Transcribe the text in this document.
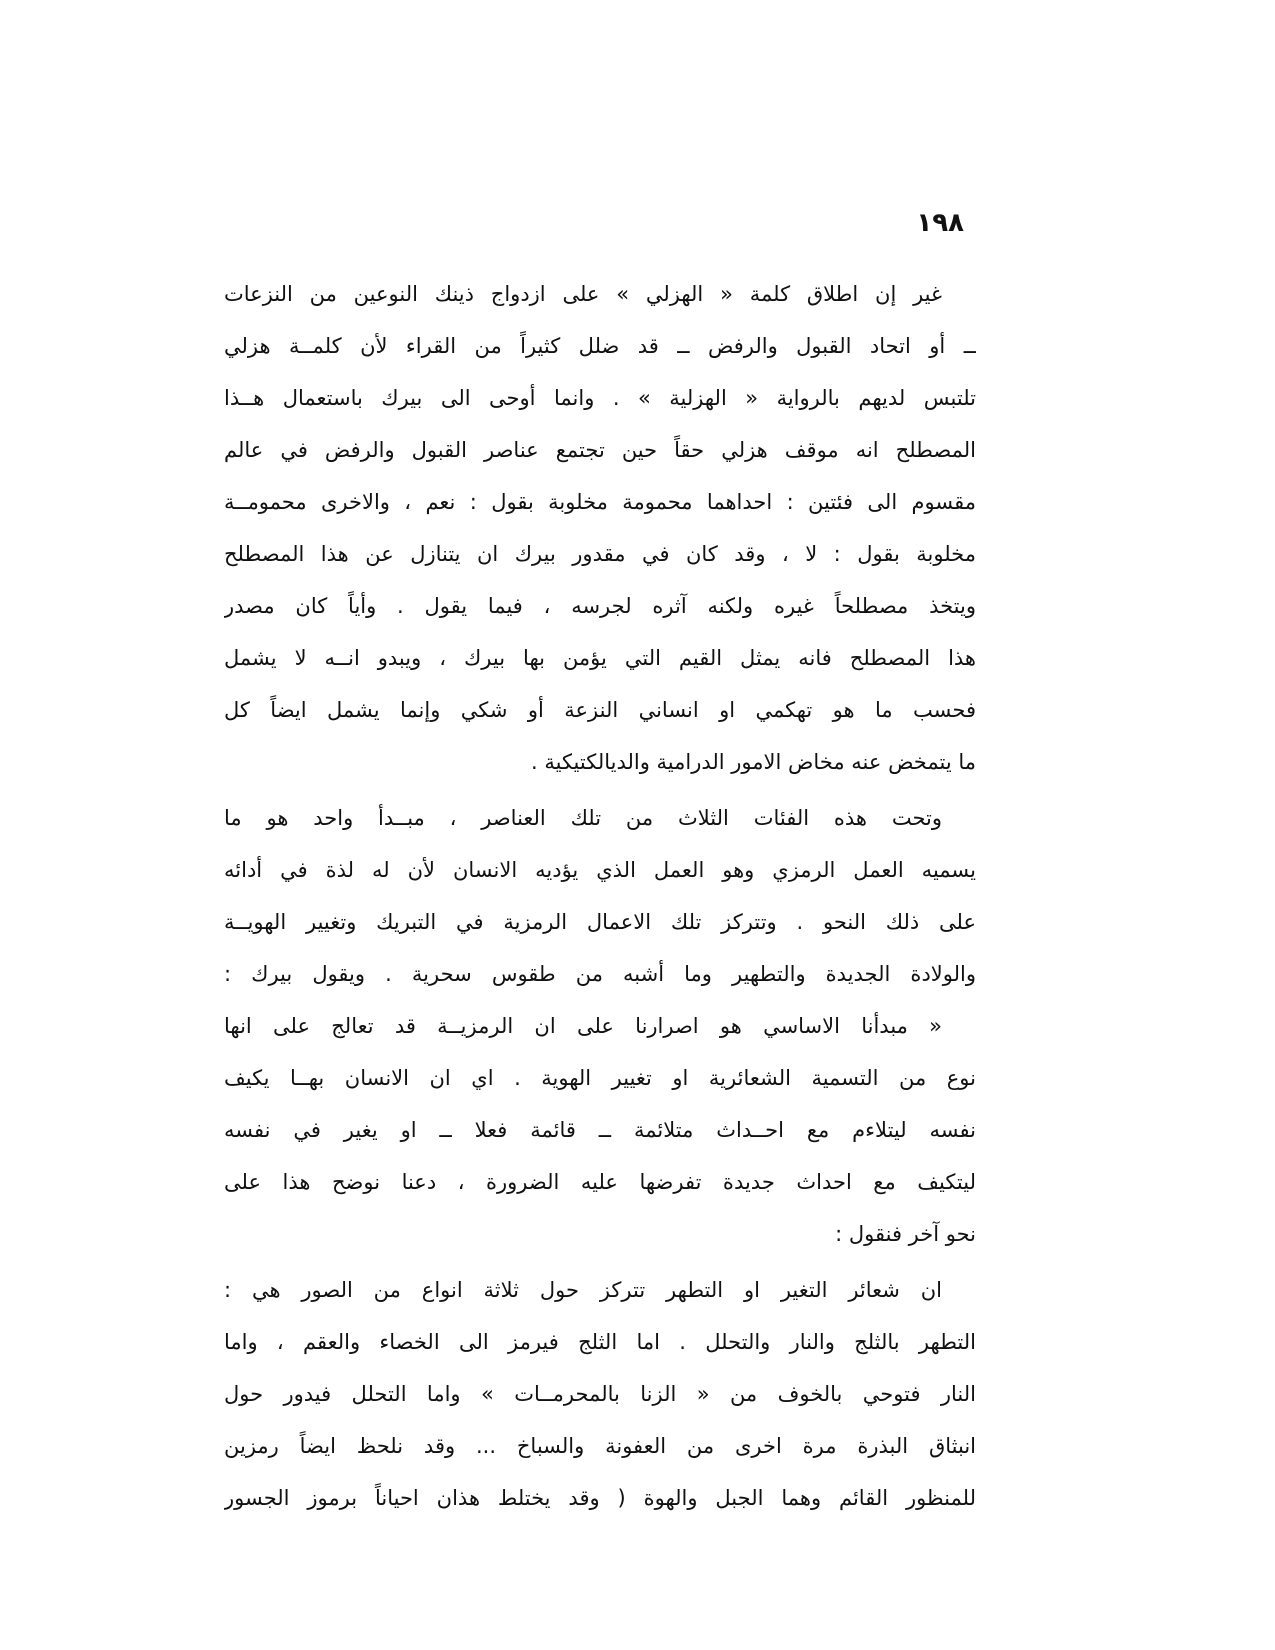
١٩٨
غير إن اطلاق كلمة « الهزلي » على ازدواج ذينك النوعين من النزعات
ــ أو اتحاد القبول والرفض ــ قد ضلل كثيراً من القراء لأن كلمــة هزلي
تلتبس لديهم بالرواية « الهزلية » . وانما أوحى الى بيرك باستعمال هــذا
المصطلح انه موقف هزلي حقاً حين تجتمع عناصر القبول والرفض في عالم
مقسوم الى فئتين : احداهما محمومة مخلوبة بقول : نعم ، والاخرى محمومــة
مخلوبة بقول : لا ، وقد كان في مقدور بيرك ان يتنازل عن هذا المصطلح
ويتخذ مصطلحاً غيره ولكنه آثره لجرسه ، فيما يقول . وأياً كان مصدر
هذا المصطلح فانه يمثل القيم التي يؤمن بها بيرك ، ويبدو انــه لا يشمل
فحسب ما هو تهكمي او انساني النزعة أو شكي وإنما يشمل ايضاً كل
ما يتمخض عنه مخاض الامور الدرامية والديالكتيكية .
وتحت هذه الفئات الثلاث من تلك العناصر ، مبــدأ واحد هو ما
يسميه العمل الرمزي وهو العمل الذي يؤديه الانسان لأن له لذة في أدائه
على ذلك النحو . وتتركز تلك الاعمال الرمزية في التبريك وتغيير الهويــة
والولادة الجديدة والتطهير وما أشبه من طقوس سحرية . ويقول بيرك :
« مبدأنا الاساسي هو اصرارنا على ان الرمزيــة قد تعالج على انها
نوع من التسمية الشعائرية او تغيير الهوية . اي ان الانسان بهــا يكيف
نفسه ليتلاءم مع احــداث متلائمة ــ قائمة فعلا ــ او يغير في نفسه
ليتكيف مع احداث جديدة تفرضها عليه الضرورة ، دعنا نوضح هذا على
نحو آخر فنقول :
ان شعائر التغير او التطهر تتركز حول ثلاثة انواع من الصور هي :
التطهر بالثلج والنار والتحلل . اما الثلج فيرمز الى الخصاء والعقم ، واما
النار فتوحي بالخوف من « الزنا بالمحرمــات » واما التحلل فيدور حول
انبثاق البذرة مرة اخرى من العفونة والسباخ ... وقد نلحظ ايضاً رمزين
للمنظور القائم وهما الجبل والهوة ( وقد يختلط هذان احياناً برموز الجسور
